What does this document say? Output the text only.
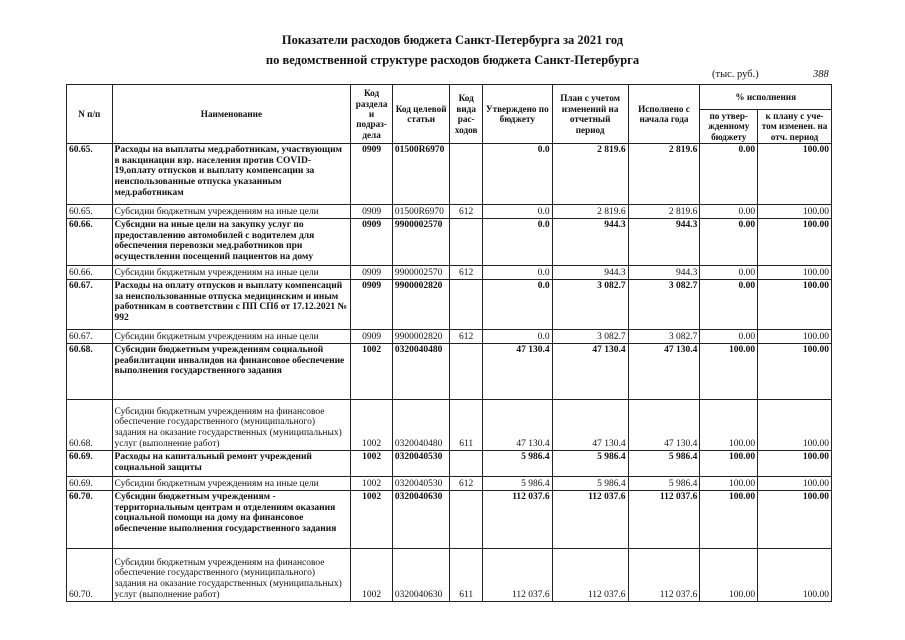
Показатели расходов бюджета Санкт-Петербурга за 2021 год
по ведомственной структуре расходов бюджета Санкт-Петербурга
(тыс. руб.)	388
N п/п	Наименование	Код раздела и подраз-дела	Код целевой статьи	Код вида рас-ходов	Утверждено по бюджету	План с учетом изменений на отчетный период	Исполнено с начала года	% исполнения	
								по утвер-жденному бюджету	к плану с уче-том изменен. на отч. период
60.65.	Расходы на выплаты мед.работникам, участвующим в вакцинации взр. населения против COVID-19,оплату отпусков и выплату компенсации за неиспользованные отпуска указанным мед.работникам	0909	01500R6970		0.0	2 819.6	2 819.6	0.00	100.00
60.65.	Субсидии бюджетным учреждениям на иные цели	0909	01500R6970	612	0.0	2 819.6	2 819.6	0.00	100.00
60.66.	Субсидии на иные цели на закупку услуг по предоставлению автомобилей с водителем для обеспечения перевозки мед.работников при осуществлении посещений пациентов на дому	0909	9900002570		0.0	944.3	944.3	0.00	100.00
60.66.	Субсидии бюджетным учреждениям на иные цели	0909	9900002570	612	0.0	944.3	944.3	0.00	100.00
60.67.	Расходы на оплату отпусков и выплату компенсаций за неиспользованные отпуска медицинским и иным работникам в соответствии с ПП СПб от 17.12.2021 № 992	0909	9900002820		0.0	3 082.7	3 082.7	0.00	100.00
60.67.	Субсидии бюджетным учреждениям на иные цели	0909	9900002820	612	0.0	3 082.7	3 082.7	0.00	100.00
60.68.	Субсидии бюджетным учреждениям социальной реабилитации инвалидов на финансовое обеспечение выполнения государственного задания	1002	0320040480		47 130.4	47 130.4	47 130.4	100.00	100.00
60.68.	Субсидии бюджетным учреждениям на финансовое обеспечение государственного (муниципального) задания на оказание государственных (муниципальных) услуг (выполнение работ)	1002	0320040480	611	47 130.4	47 130.4	47 130.4	100.00	100.00
60.69.	Расходы на капитальный ремонт учреждений социальной защиты	1002	0320040530		5 986.4	5 986.4	5 986.4	100.00	100.00
60.69.	Субсидии бюджетным учреждениям на иные цели	1002	0320040530	612	5 986.4	5 986.4	5 986.4	100.00	100.00
60.70.	Субсидии бюджетным учреждениям - территориальным центрам и отделениям оказания социальной помощи на дому на финансовое обеспечение выполнения государственного задания	1002	0320040630		112 037.6	112 037.6	112 037.6	100.00	100.00
60.70.	Субсидии бюджетным учреждениям на финансовое обеспечение государственного (муниципального) задания на оказание государственных (муниципальных) услуг (выполнение работ)	1002	0320040630	611	112 037.6	112 037.6	112 037.6	100.00	100.00
